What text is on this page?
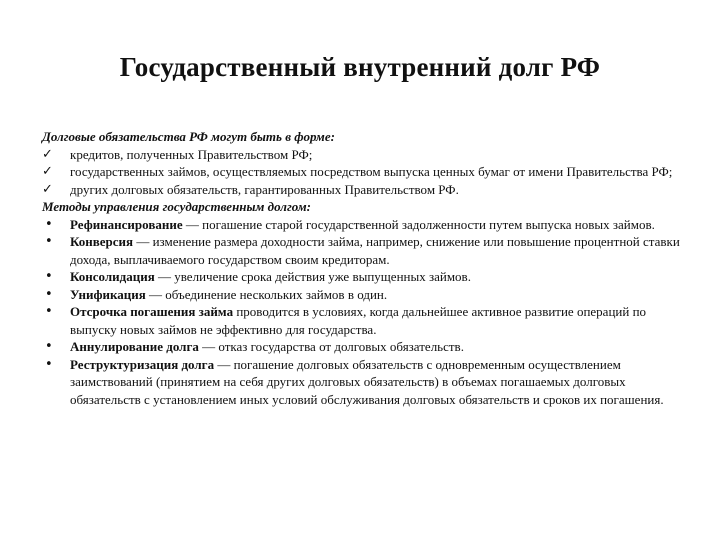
Государственный внутренний долг РФ
Долговые обязательства РФ могут быть в форме:
✓	кредитов, полученных Правительством РФ;
✓	государственных займов, осуществляемых посредством выпуска ценных бумаг от имени Правительства РФ;
✓	других долговых обязательств, гарантированных Правительством РФ.
Методы управления государственным долгом:
•	Рефинансирование — погашение старой государственной задолженности путем выпуска новых займов.
•	Конверсия — изменение размера доходности займа, например, снижение или повышение процентной ставки дохода, выплачиваемого государством своим кредиторам.
•	Консолидация — увеличение срока действия уже выпущенных займов.
•	Унификация — объединение нескольких займов в один.
•	Отсрочка погашения займа проводится в условиях, когда дальнейшее активное развитие операций по выпуску новых займов не эффективно для государства.
•	Аннулирование долга — отказ государства от долговых обязательств.
•	Реструктуризация долга — погашение долговых обязательств с одновременным осуществлением заимствований (принятием на себя других долговых обязательств) в объемах погашаемых долговых обязательств с установлением иных условий обслуживания долговых обязательств и сроков их погашения.
